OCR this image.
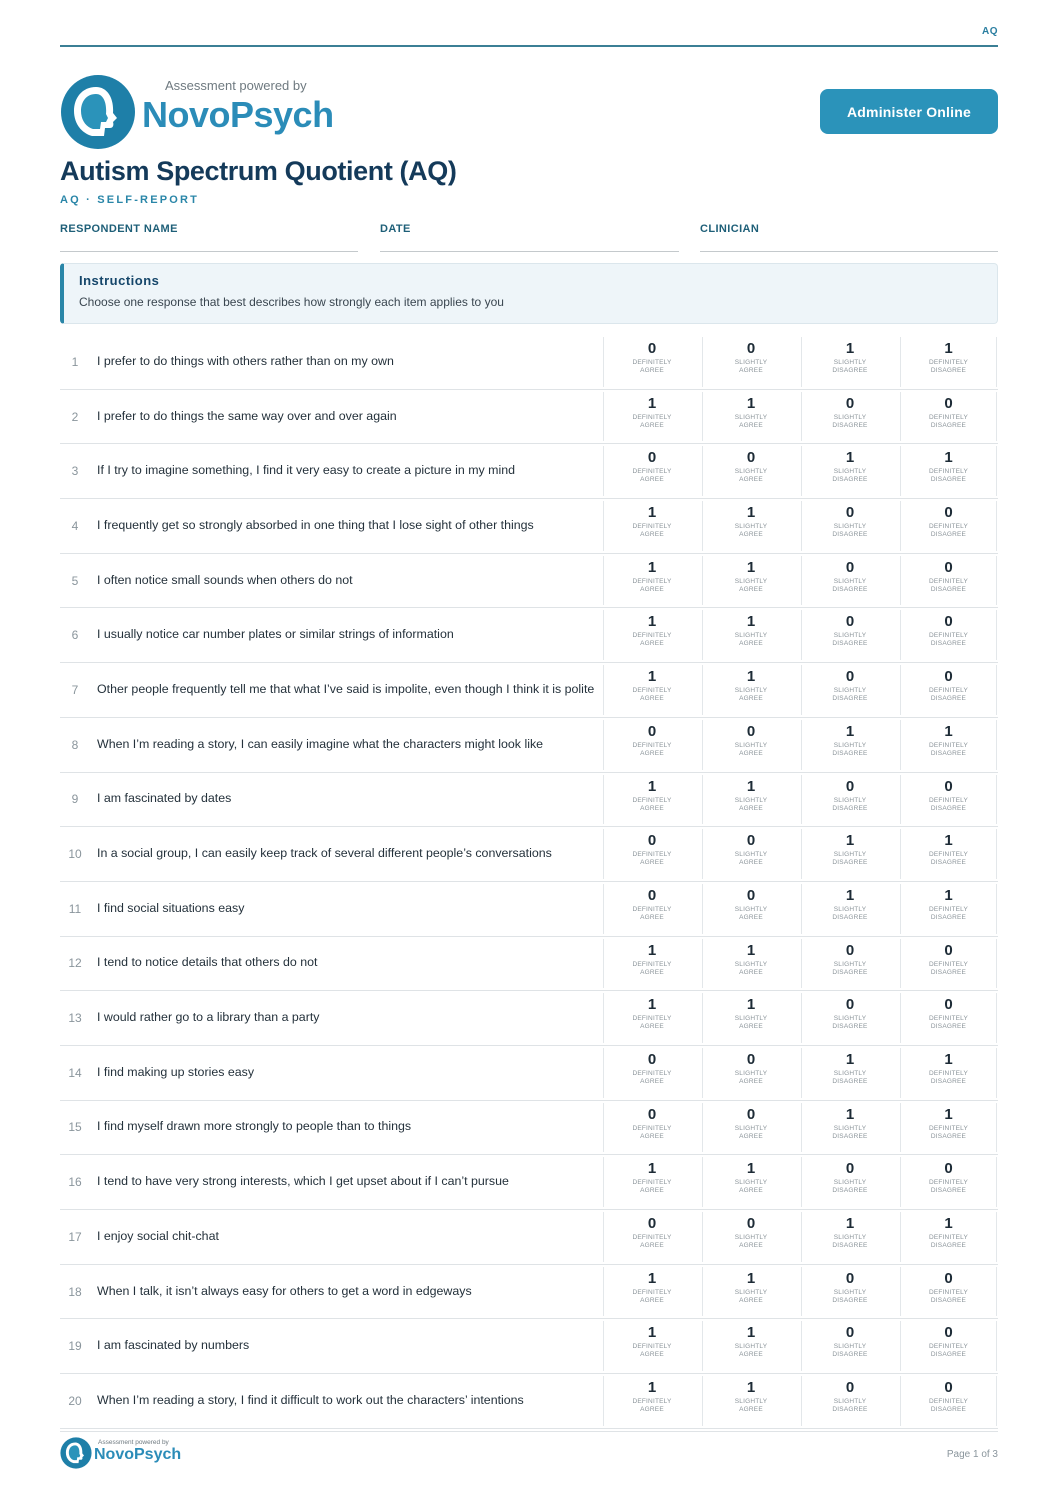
AQ
Assessment powered by
NovoPsych	Administer Online
Autism Spectrum Quotient (AQ)
AQ · SELF-REPORT
RESPONDENT NAME	DATE	CLINICIAN
Instructions
Choose one response that best describes how strongly each item applies to you
1	I prefer to do things with others rather than on my own
0
DEFINITELY
AGREE
0
SLIGHTLY
AGREE
1
SLIGHTLY
DISAGREE
1
DEFINITELY
DISAGREE
2	I prefer to do things the same way over and over again
1
DEFINITELY
AGREE
1
SLIGHTLY
AGREE
0
SLIGHTLY
DISAGREE
0
DEFINITELY
DISAGREE
3	If I try to imagine something, I find it very easy to create a picture in my mind
0
DEFINITELY
AGREE
0
SLIGHTLY
AGREE
1
SLIGHTLY
DISAGREE
1
DEFINITELY
DISAGREE
4	I frequently get so strongly absorbed in one thing that I lose sight of other things
1
DEFINITELY
AGREE
1
SLIGHTLY
AGREE
0
SLIGHTLY
DISAGREE
0
DEFINITELY
DISAGREE
5	I often notice small sounds when others do not
1
DEFINITELY
AGREE
1
SLIGHTLY
AGREE
0
SLIGHTLY
DISAGREE
0
DEFINITELY
DISAGREE
6	I usually notice car number plates or similar strings of information
1
DEFINITELY
AGREE
1
SLIGHTLY
AGREE
0
SLIGHTLY
DISAGREE
0
DEFINITELY
DISAGREE
7	Other people frequently tell me that what I’ve said is impolite, even though I think it is polite
1
DEFINITELY
AGREE
1
SLIGHTLY
AGREE
0
SLIGHTLY
DISAGREE
0
DEFINITELY
DISAGREE
8	When I’m reading a story, I can easily imagine what the characters might look like
0
DEFINITELY
AGREE
0
SLIGHTLY
AGREE
1
SLIGHTLY
DISAGREE
1
DEFINITELY
DISAGREE
9	I am fascinated by dates
1
DEFINITELY
AGREE
1
SLIGHTLY
AGREE
0
SLIGHTLY
DISAGREE
0
DEFINITELY
DISAGREE
10	In a social group, I can easily keep track of several different people’s conversations
0
DEFINITELY
AGREE
0
SLIGHTLY
AGREE
1
SLIGHTLY
DISAGREE
1
DEFINITELY
DISAGREE
11	I find social situations easy
0
DEFINITELY
AGREE
0
SLIGHTLY
AGREE
1
SLIGHTLY
DISAGREE
1
DEFINITELY
DISAGREE
12	I tend to notice details that others do not
1
DEFINITELY
AGREE
1
SLIGHTLY
AGREE
0
SLIGHTLY
DISAGREE
0
DEFINITELY
DISAGREE
13	I would rather go to a library than a party
1
DEFINITELY
AGREE
1
SLIGHTLY
AGREE
0
SLIGHTLY
DISAGREE
0
DEFINITELY
DISAGREE
14	I find making up stories easy
0
DEFINITELY
AGREE
0
SLIGHTLY
AGREE
1
SLIGHTLY
DISAGREE
1
DEFINITELY
DISAGREE
15	I find myself drawn more strongly to people than to things
0
DEFINITELY
AGREE
0
SLIGHTLY
AGREE
1
SLIGHTLY
DISAGREE
1
DEFINITELY
DISAGREE
16	I tend to have very strong interests, which I get upset about if I can’t pursue
1
DEFINITELY
AGREE
1
SLIGHTLY
AGREE
0
SLIGHTLY
DISAGREE
0
DEFINITELY
DISAGREE
17	I enjoy social chit-chat
0
DEFINITELY
AGREE
0
SLIGHTLY
AGREE
1
SLIGHTLY
DISAGREE
1
DEFINITELY
DISAGREE
18	When I talk, it isn’t always easy for others to get a word in edgeways
1
DEFINITELY
AGREE
1
SLIGHTLY
AGREE
0
SLIGHTLY
DISAGREE
0
DEFINITELY
DISAGREE
19	I am fascinated by numbers
1
DEFINITELY
AGREE
1
SLIGHTLY
AGREE
0
SLIGHTLY
DISAGREE
0
DEFINITELY
DISAGREE
20	When I’m reading a story, I find it difficult to work out the characters’ intentions
1
DEFINITELY
AGREE
1
SLIGHTLY
AGREE
0
SLIGHTLY
DISAGREE
0
DEFINITELY
DISAGREE
Assessment powered by
NovoPsych	Page 1 of 3
